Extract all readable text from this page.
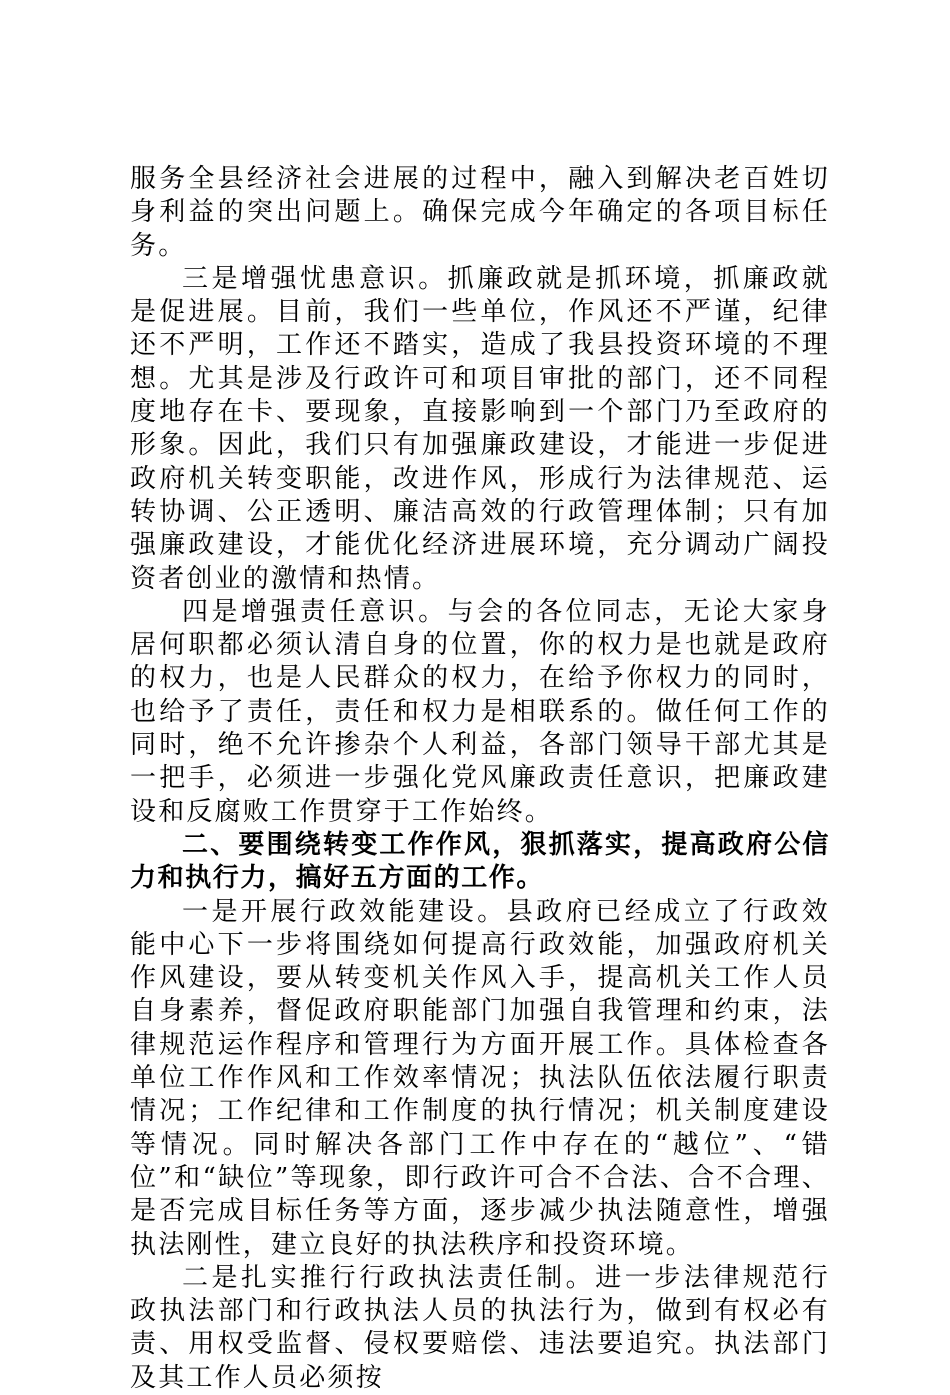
服务全县经济社会进展的过程中，融入到解决老百姓切身利益的突出问题上。确保完成今年确定的各项目标任务。

三是增强忧患意识。抓廉政就是抓环境，抓廉政就是促进展。目前，我们一些单位，作风还不严谨，纪律还不严明，工作还不踏实，造成了我县投资环境的不理想。尤其是涉及行政许可和项目审批的部门，还不同程度地存在卡、要现象，直接影响到一个部门乃至政府的形象。因此，我们只有加强廉政建设，才能进一步促进政府机关转变职能，改进作风，形成行为法律规范、运转协调、公正透明、廉洁高效的行政管理体制；只有加强廉政建设，才能优化经济进展环境，充分调动广阔投资者创业的激情和热情。

四是增强责任意识。与会的各位同志，无论大家身居何职都必须认清自身的位置，你的权力是也就是政府的权力，也是人民群众的权力，在给予你权力的同时，也给予了责任，责任和权力是相联系的。做任何工作的同时，绝不允许掺杂个人利益，各部门领导干部尤其是一把手，必须进一步强化党风廉政责任意识，把廉政建设和反腐败工作贯穿于工作始终。

二、要围绕转变工作作风，狠抓落实，提高政府公信力和执行力，搞好五方面的工作。

一是开展行政效能建设。县政府已经成立了行政效能中心下一步将围绕如何提高行政效能，加强政府机关作风建设，要从转变机关作风入手，提高机关工作人员自身素养，督促政府职能部门加强自我管理和约束，法律规范运作程序和管理行为方面开展工作。具体检查各单位工作作风和工作效率情况；执法队伍依法履行职责情况；工作纪律和工作制度的执行情况；机关制度建设等情况。同时解决各部门工作中存在的“越位”、“错位”和“缺位”等现象，即行政许可合不合法、合不合理、是否完成目标任务等方面，逐步减少执法随意性，增强执法刚性，建立良好的执法秩序和投资环境。

二是扎实推行行政执法责任制。进一步法律规范行政执法部门和行政执法人员的执法行为，做到有权必有责、用权受监督、侵权要赔偿、违法要追究。执法部门及其工作人员必须按
